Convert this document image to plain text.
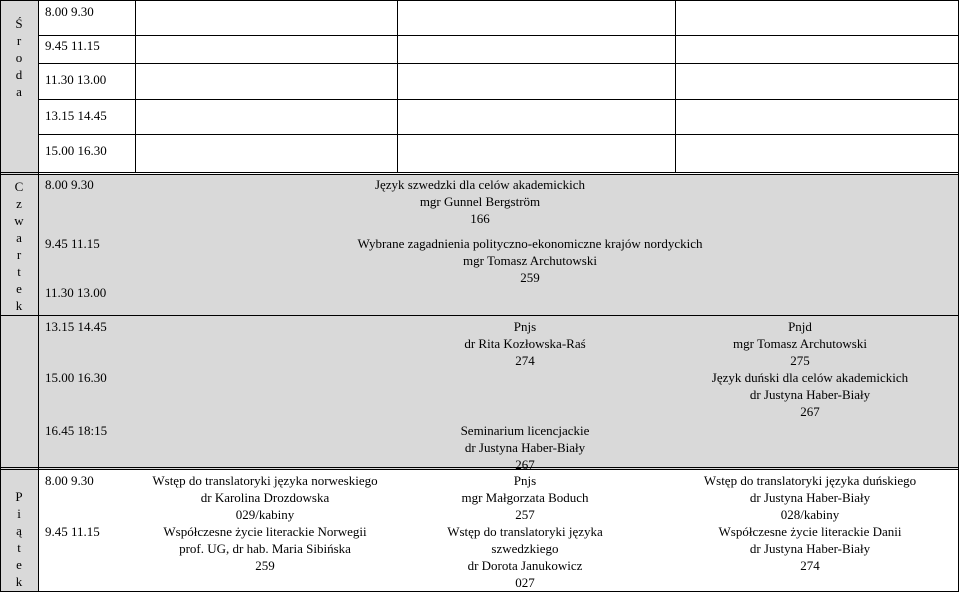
Ś
r
o
d
a
C
z
w
a
r
t
e
k
P
i
ą
t
e
k
8.00 9.30
9.45 11.15
11.30 13.00
13.15 14.45
15.00 16.30
8.00 9.30
9.45 11.15
11.30 13.00
13.15 14.45
15.00 16.30
16.45 18:15
8.00 9.30
9.45 11.15
Język szwedzki dla celów akademickich
mgr Gunnel Bergström
166
Wybrane zagadnienia polityczno-ekonomiczne krajów nordyckich
mgr Tomasz Archutowski
259
Pnjs
dr Rita Kozłowska-Raś
274
Pnjd
mgr Tomasz Archutowski
275
Język duński dla celów akademickich
dr Justyna Haber-Biały
267
Seminarium licencjackie
dr Justyna Haber-Biały
267
Wstęp do translatoryki języka norweskiego
dr Karolina Drozdowska
029/kabiny
Pnjs
mgr Małgorzata Boduch
257
Wstęp do translatoryki języka duńskiego
dr Justyna Haber-Biały
028/kabiny
Współczesne życie literackie Norwegii
prof. UG, dr hab. Maria Sibińska
259
Wstęp do translatoryki języka
szwedzkiego
dr Dorota Janukowicz
027
Współczesne życie literackie Danii
dr Justyna Haber-Biały
274
